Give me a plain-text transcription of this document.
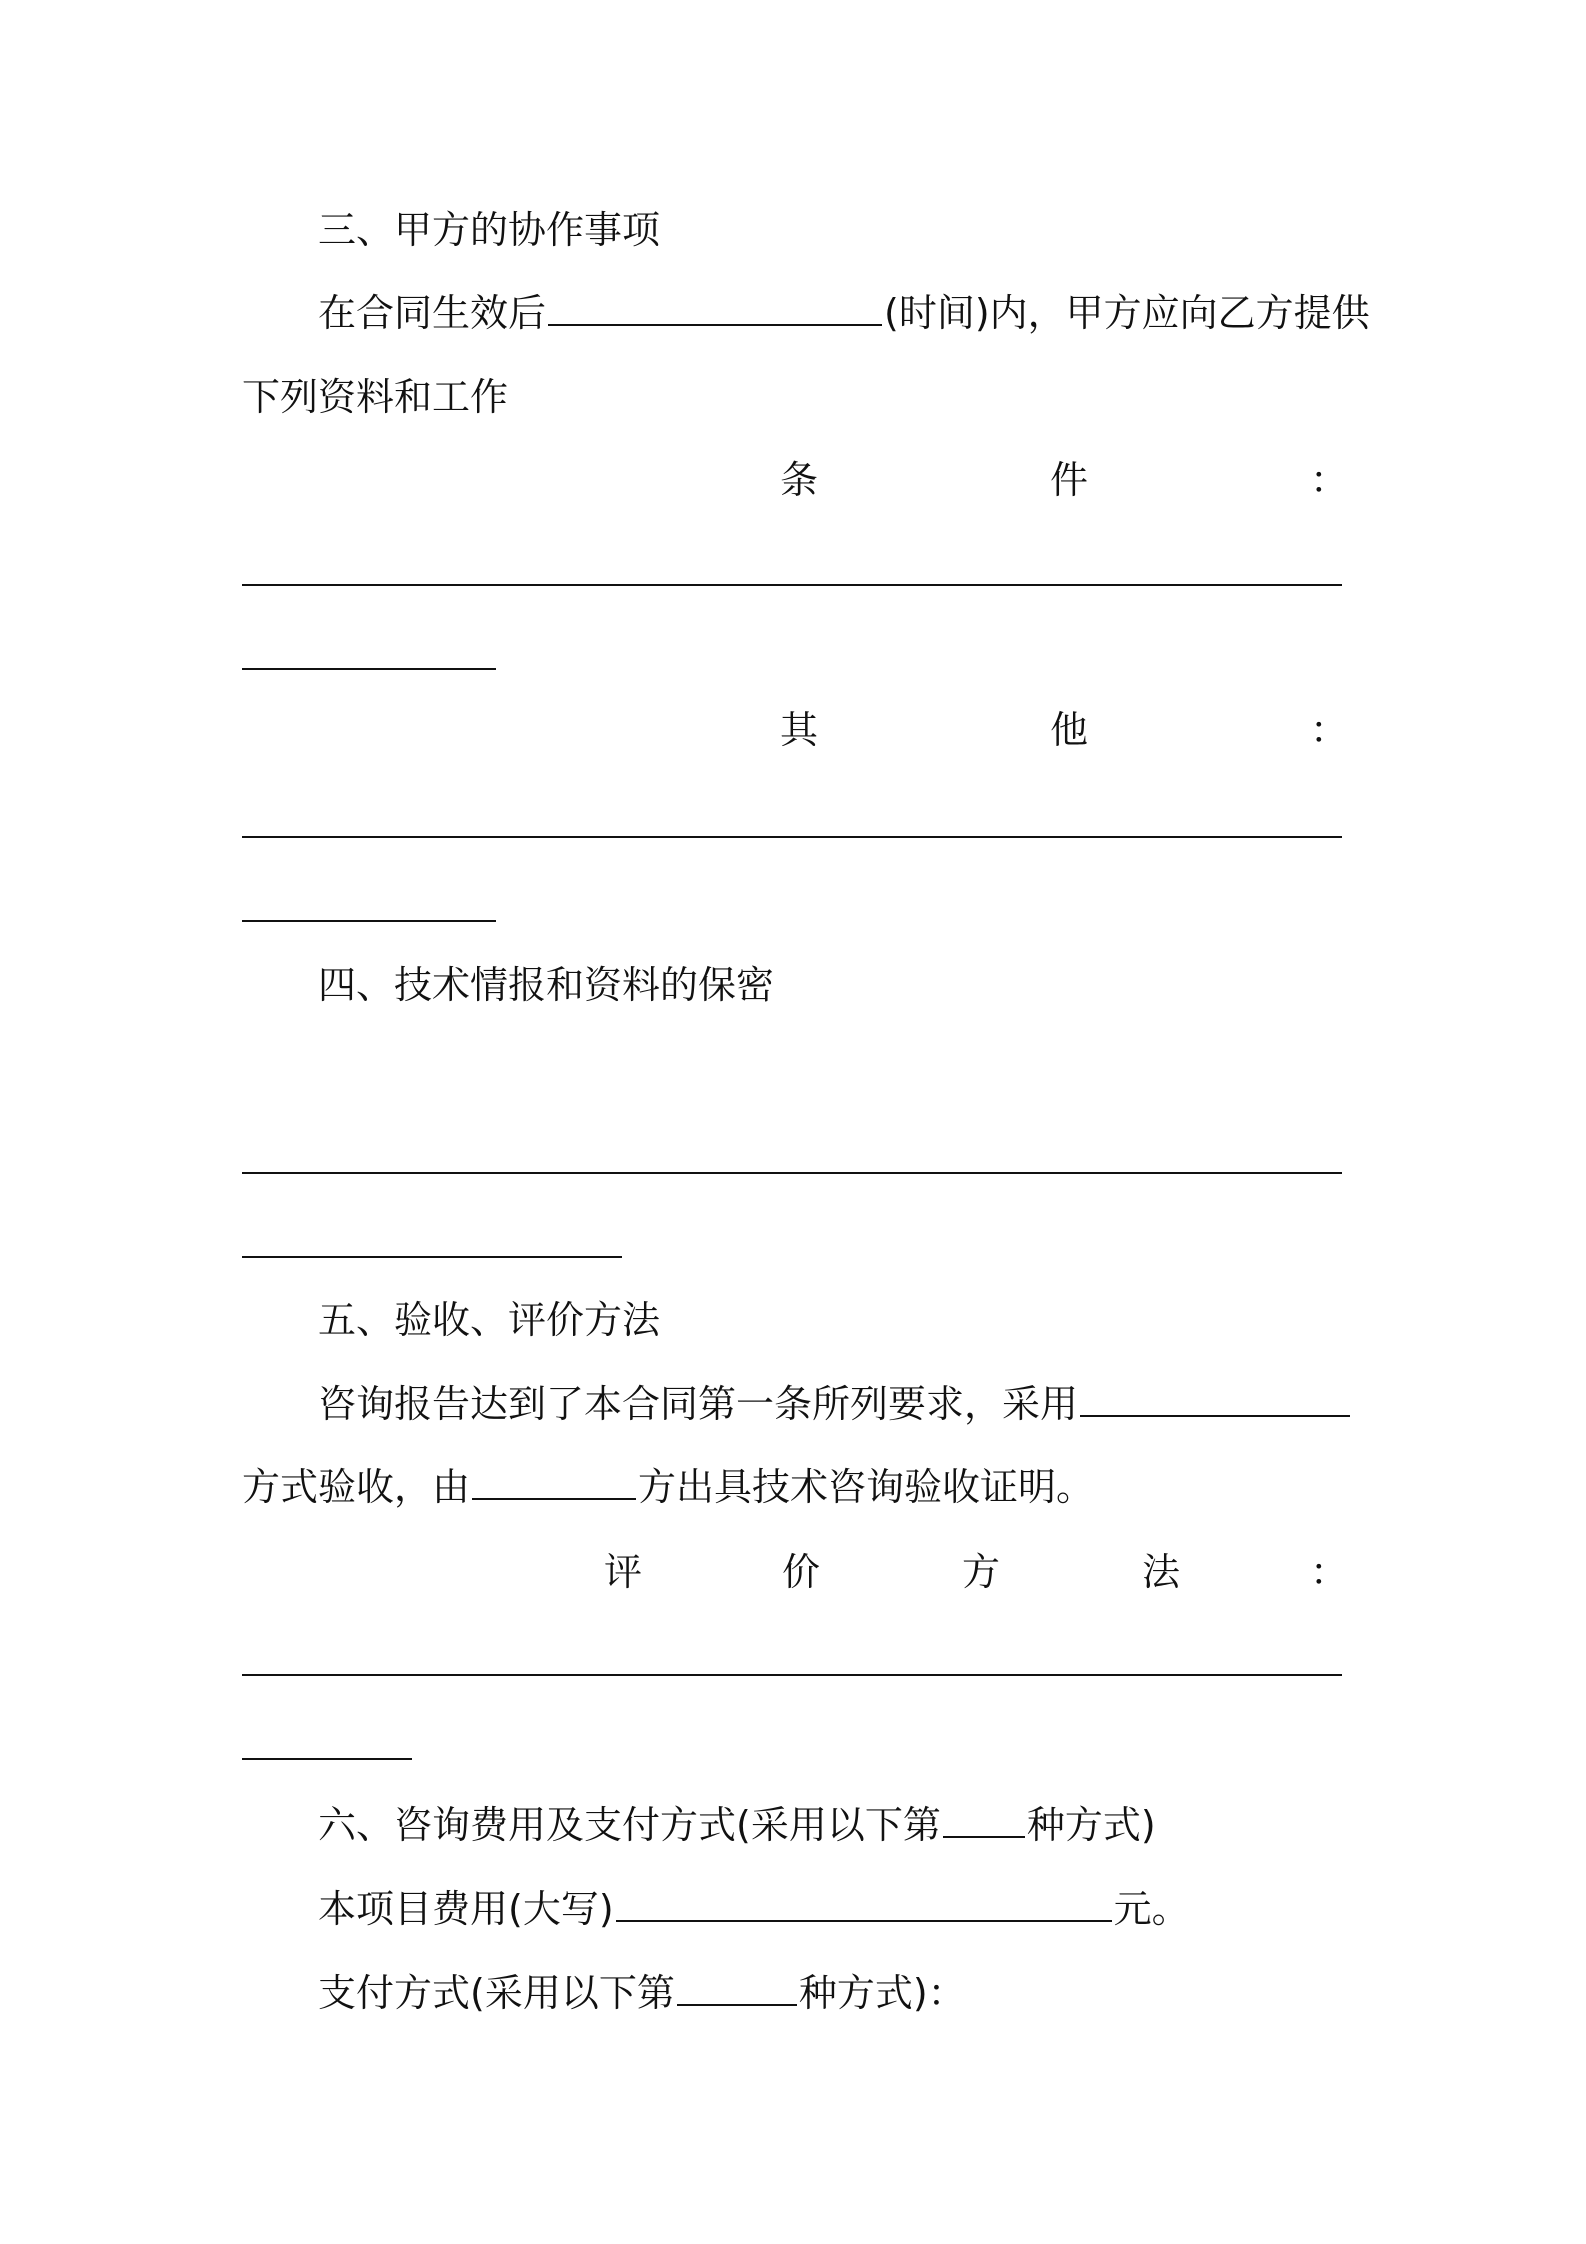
三、甲方的协作事项
在合同生效后	(时间)内，甲方应向乙方提供
下列资料和工作
条	件	：
其	他	：
四、技术情报和资料的保密
五、验收、评价方法
咨询报告达到了本合同第一条所列要求，采用
方式验收，由	方出具技术咨询验收证明。
评	价	方	法	：
六、咨询费用及支付方式(采用以下第 种方式)
本项目费用(大写)	元。
支付方式(采用以下第	种方式)：
